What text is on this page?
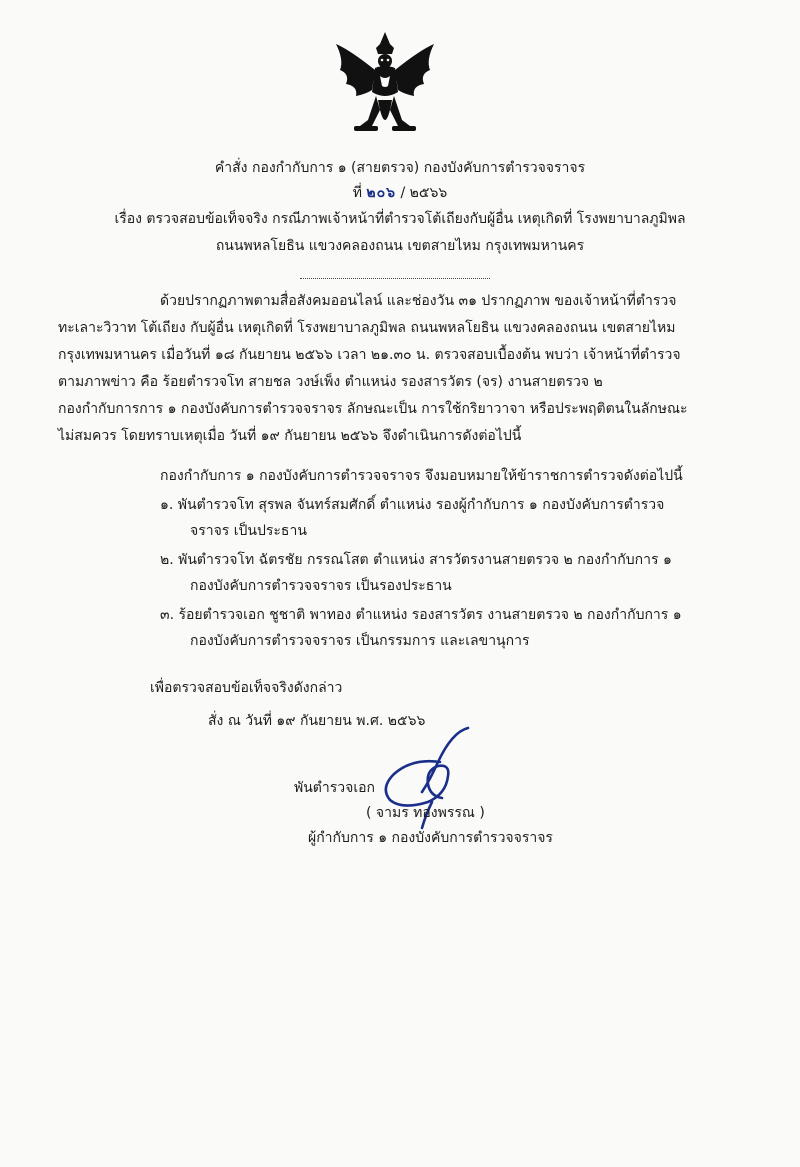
คำสั่ง กองกำกับการ ๑ (สายตรวจ) กองบังคับการตำรวจจราจร
ที่ ๒๐๖ / ๒๕๖๖
เรื่อง ตรวจสอบข้อเท็จจริง กรณีภาพเจ้าหน้าที่ตำรวจโต้เถียงกับผู้อื่น เหตุเกิดที่ โรงพยาบาลภูมิพล
ถนนพหลโยธิน แขวงคลองถนน เขตสายไหม กรุงเทพมหานคร
ด้วยปรากฏภาพตามสื่อสังคมออนไลน์ และช่องวัน ๓๑ ปรากฏภาพ ของเจ้าหน้าที่ตำรวจ
ทะเลาะวิวาท โต้เถียง กับผู้อื่น เหตุเกิดที่ โรงพยาบาลภูมิพล ถนนพหลโยธิน แขวงคลองถนน เขตสายไหม
กรุงเทพมหานคร เมื่อวันที่ ๑๘ กันยายน ๒๕๖๖ เวลา ๒๑.๓๐ น. ตรวจสอบเบื้องต้น พบว่า เจ้าหน้าที่ตำรวจ
ตามภาพข่าว คือ ร้อยตำรวจโท สายชล วงษ์เพ็ง ตำแหน่ง รองสารวัตร (จร) งานสายตรวจ ๒
กองกำกับการการ ๑ กองบังคับการตำรวจจราจร ลักษณะเป็น การใช้กริยาวาจา หรือประพฤติตนในลักษณะ
ไม่สมควร โดยทราบเหตุเมื่อ วันที่ ๑๙ กันยายน ๒๕๖๖ จึงดำเนินการดังต่อไปนี้
กองกำกับการ ๑ กองบังคับการตำรวจจราจร จึงมอบหมายให้ข้าราชการตำรวจดังต่อไปนี้
๑. พันตำรวจโท สุรพล จันทร์สมศักดิ์ ตำแหน่ง รองผู้กำกับการ ๑ กองบังคับการตำรวจ
จราจร เป็นประธาน
๒. พันตำรวจโท ฉัตรชัย กรรณโสต ตำแหน่ง สารวัตรงานสายตรวจ ๒ กองกำกับการ ๑
กองบังคับการตำรวจจราจร เป็นรองประธาน
๓. ร้อยตำรวจเอก ชูชาติ พาทอง ตำแหน่ง รองสารวัตร งานสายตรวจ ๒ กองกำกับการ ๑
กองบังคับการตำรวจจราจร เป็นกรรมการ และเลขานุการ
เพื่อตรวจสอบข้อเท็จจริงดังกล่าว
สั่ง ณ วันที่ ๑๙ กันยายน พ.ศ. ๒๕๖๖
พันตำรวจเอก
( จามร ทองพรรณ )
ผู้กำกับการ ๑ กองบังคับการตำรวจจราจร
